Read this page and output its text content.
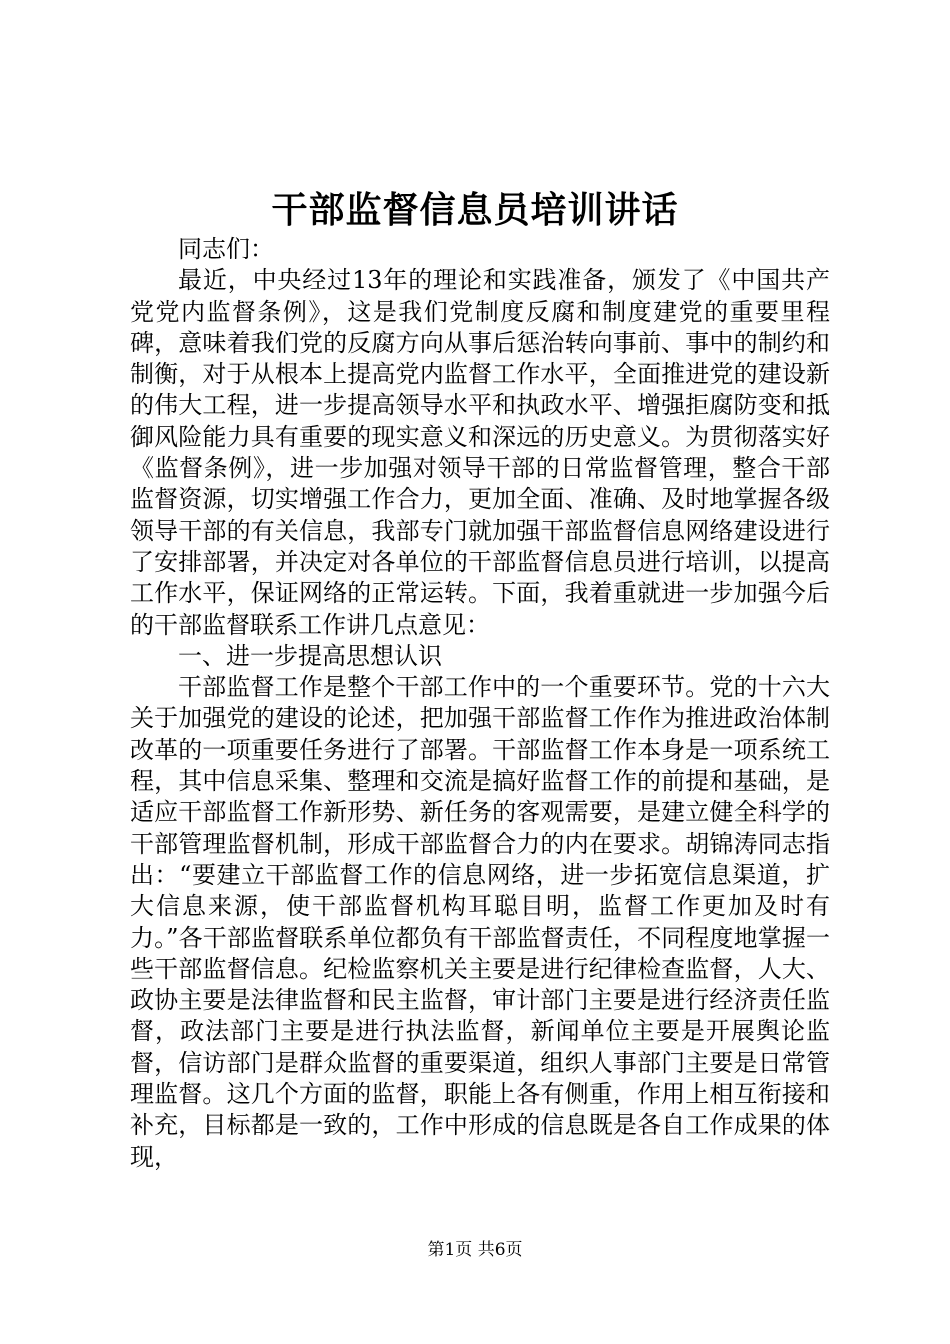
干部监督信息员培训讲话

同志们：

最近，中央经过13年的理论和实践准备，颁发了《中国共产党党内监督条例》，这是我们党制度反腐和制度建党的重要里程碑，意味着我们党的反腐方向从事后惩治转向事前、事中的制约和制衡，对于从根本上提高党内监督工作水平，全面推进党的建设新的伟大工程，进一步提高领导水平和执政水平、增强拒腐防变和抵御风险能力具有重要的现实意义和深远的历史意义。为贯彻落实好《监督条例》，进一步加强对领导干部的日常监督管理，整合干部监督资源，切实增强工作合力，更加全面、准确、及时地掌握各级领导干部的有关信息，我部专门就加强干部监督信息网络建设进行了安排部署，并决定对各单位的干部监督信息员进行培训，以提高工作水平，保证网络的正常运转。下面，我着重就进一步加强今后的干部监督联系工作讲几点意见：

一、进一步提高思想认识

干部监督工作是整个干部工作中的一个重要环节。党的十六大关于加强党的建设的论述，把加强干部监督工作作为推进政治体制改革的一项重要任务进行了部署。干部监督工作本身是一项系统工程，其中信息采集、整理和交流是搞好监督工作的前提和基础，是适应干部监督工作新形势、新任务的客观需要，是建立健全科学的干部管理监督机制，形成干部监督合力的内在要求。胡锦涛同志指出：“要建立干部监督工作的信息网络，进一步拓宽信息渠道，扩大信息来源，使干部监督机构耳聪目明，监督工作更加及时有力。”各干部监督联系单位都负有干部监督责任，不同程度地掌握一些干部监督信息。纪检监察机关主要是进行纪律检查监督，人大、政协主要是法律监督和民主监督，审计部门主要是进行经济责任监督，政法部门主要是进行执法监督，新闻单位主要是开展舆论监督，信访部门是群众监督的重要渠道，组织人事部门主要是日常管理监督。这几个方面的监督，职能上各有侧重，作用上相互衔接和补充，目标都是一致的，工作中形成的信息既是各自工作成果的体现，

第1页 共6页
